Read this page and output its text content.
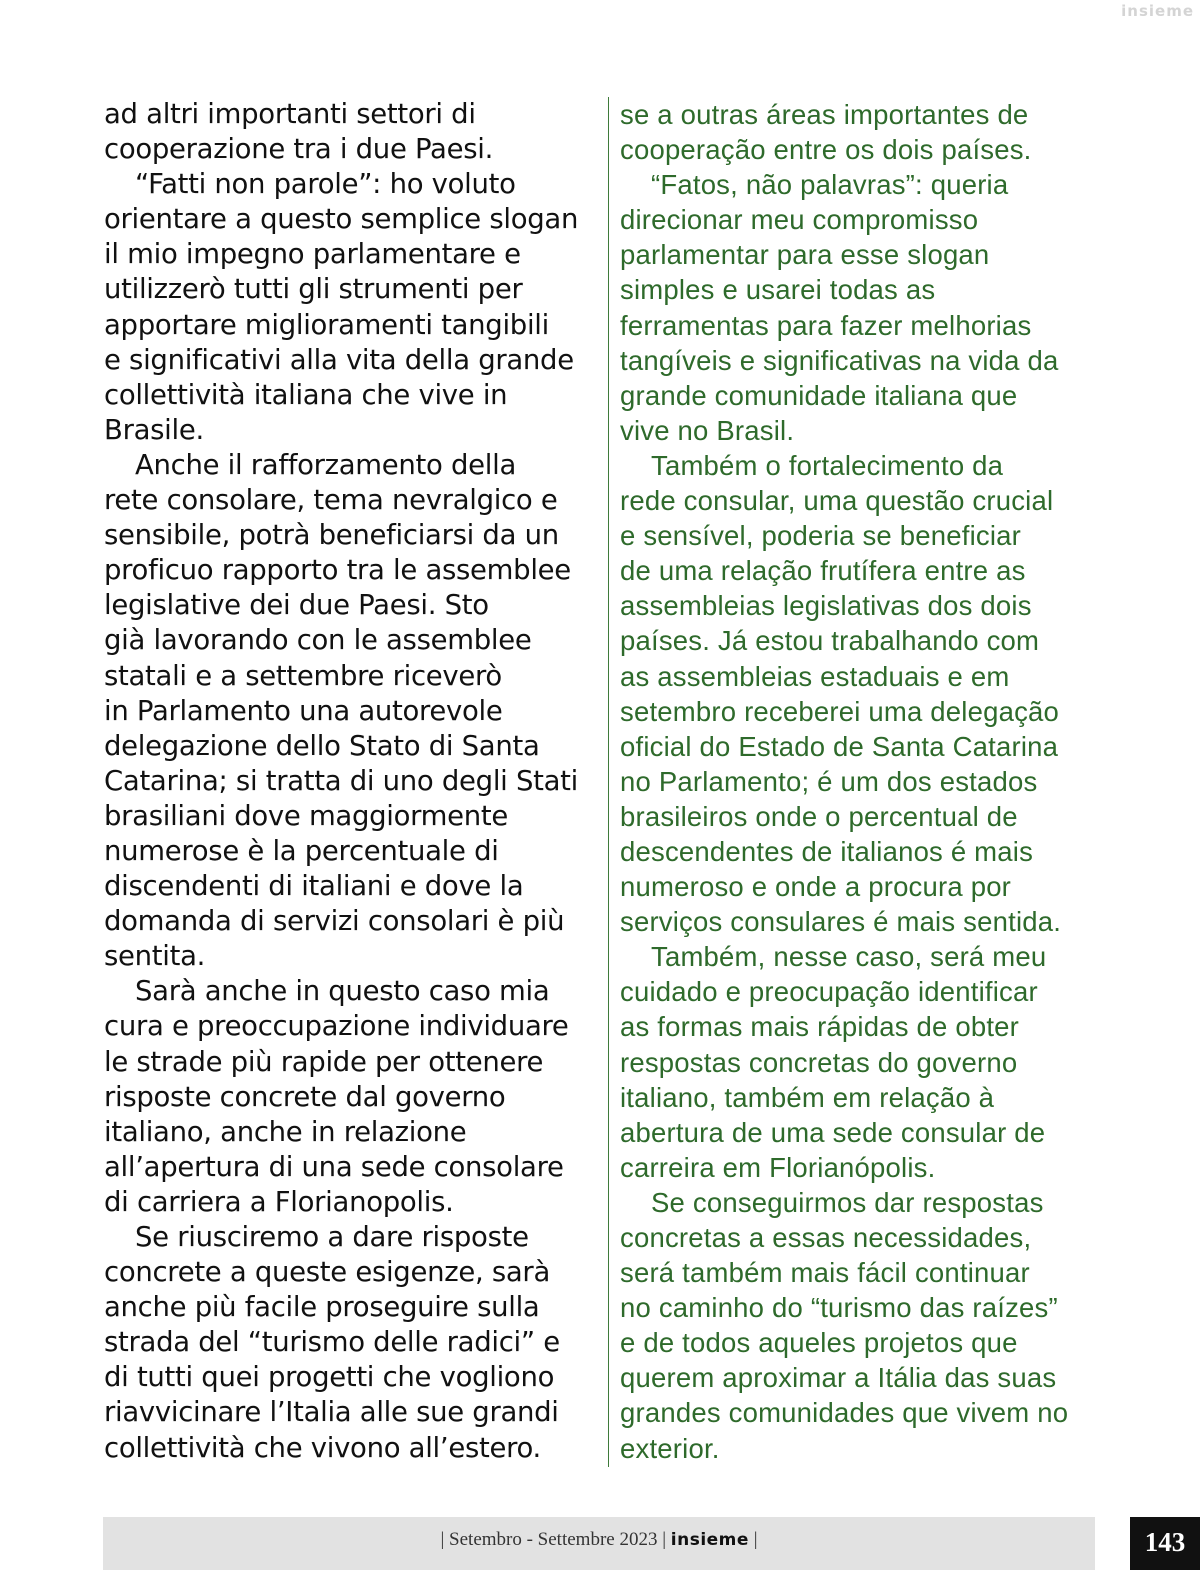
insieme
ad altri importanti settori di
cooperazione tra i due Paesi.
“Fatti non parole”: ho voluto
orientare a questo semplice slogan
il mio impegno parlamentare e
utilizzerò tutti gli strumenti per
apportare miglioramenti tangibili
e significativi alla vita della grande
collettività italiana che vive in
Brasile.
Anche il rafforzamento della
rete consolare, tema nevralgico e
sensibile, potrà beneficiarsi da un
proficuo rapporto tra le assemblee
legislative dei due Paesi. Sto
già lavorando con le assemblee
statali e a settembre riceverò
in Parlamento una autorevole
delegazione dello Stato di Santa
Catarina; si tratta di uno degli Stati
brasiliani dove maggiormente
numerose è la percentuale di
discendenti di italiani e dove la
domanda di servizi consolari è più
sentita.
Sarà anche in questo caso mia
cura e preoccupazione individuare
le strade più rapide per ottenere
risposte concrete dal governo
italiano, anche in relazione
all’apertura di una sede consolare
di carriera a Florianopolis.
Se riusciremo a dare risposte
concrete a queste esigenze, sarà
anche più facile proseguire sulla
strada del “turismo delle radici” e
di tutti quei progetti che vogliono
riavvicinare l’Italia alle sue grandi
collettività che vivono all’estero.
se a outras áreas importantes de
cooperação entre os dois países.
“Fatos, não palavras”: queria
direcionar meu compromisso
parlamentar para esse slogan
simples e usarei todas as
ferramentas para fazer melhorias
tangíveis e significativas na vida da
grande comunidade italiana que
vive no Brasil.
Também o fortalecimento da
rede consular, uma questão crucial
e sensível, poderia se beneficiar
de uma relação frutífera entre as
assembleias legislativas dos dois
países. Já estou trabalhando com
as assembleias estaduais e em
setembro receberei uma delegação
oficial do Estado de Santa Catarina
no Parlamento; é um dos estados
brasileiros onde o percentual de
descendentes de italianos é mais
numeroso e onde a procura por
serviços consulares é mais sentida.
Também, nesse caso, será meu
cuidado e preocupação identificar
as formas mais rápidas de obter
respostas concretas do governo
italiano, também em relação à
abertura de uma sede consular de
carreira em Florianópolis.
Se conseguirmos dar respostas
concretas a essas necessidades,
será também mais fácil continuar
no caminho do “turismo das raízes”
e de todos aqueles projetos que
querem aproximar a Itália das suas
grandes comunidades que vivem no
exterior.
| Setembro - Settembre 2023 | insieme |	143
